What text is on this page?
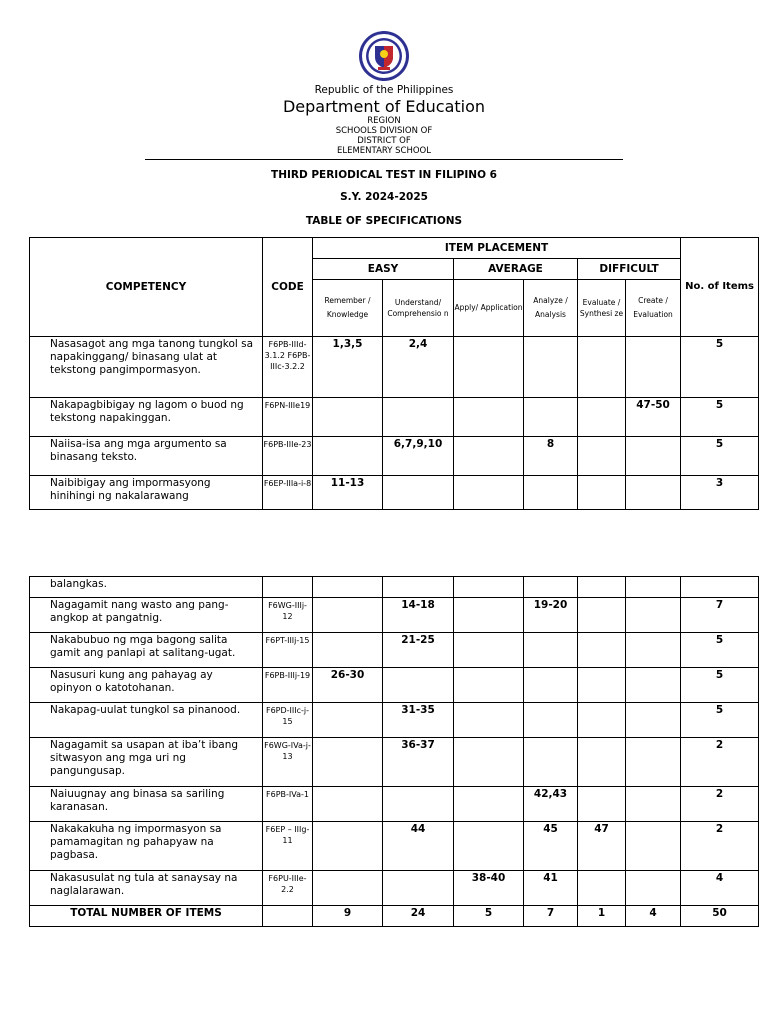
Republic of the Philippines
Department of Education
REGION
SCHOOLS DIVISION OF
DISTRICT OF
ELEMENTARY SCHOOL
THIRD PERIODICAL TEST IN FILIPINO 6
S.Y. 2024-2025
TABLE OF SPECIFICATIONS
COMPETENCY	CODE	ITEM PLACEMENT						No. of Items
		EASY		AVERAGE		DIFFICULT		
		Remember / Knowledge	Understand/ Comprehensio n	Apply/ Application	Analyze / Analysis	Evaluate / Synthesi ze	Create / Evaluation	
Nasasagot ang mga tanong tungkol sa napakinggang/ binasang ulat at tekstong pangimpormasyon.	F6PB-IIId-3.1.2 F6PB-IIIc-3.2.2	1,3,5	2,4					5
Nakapagbibigay ng lagom o buod ng tekstong napakinggan.	F6PN-IIIe19						47-50	5
Naiisa-isa ang mga argumento sa binasang teksto.	F6PB-IIIe-23		6,7,9,10		8			5
Naibibigay ang impormasyong hinihingi ng nakalarawang	F6EP-IIIa-i-8	11-13						3
balangkas.								
Nagagamit nang wasto ang pang-angkop at pangatnig.	F6WG-IIIj-12		14-18		19-20			7
Nakabubuo ng mga bagong salita gamit ang panlapi at salitang-ugat.	F6PT-IIIj-15		21-25					5
Nasusuri kung ang pahayag ay opinyon o katotohanan.	F6PB-IIIj-19	26-30						5
Nakapag-uulat tungkol sa pinanood.	F6PD-IIIc-j-15		31-35					5
Nagagamit sa usapan at iba’t ibang sitwasyon ang mga uri ng pangungusap.	F6WG-IVa-j-13		36-37					2
Naiuugnay ang binasa sa sariling karanasan.	F6PB-IVa-1				42,43			2
Nakakakuha ng impormasyon sa pamamagitan ng pahapyaw na pagbasa.	F6EP – IIIg-11		44		45	47		2
Nakasusulat ng tula at sanaysay na naglalarawan.	F6PU-IIIe-2.2			38-40	41			4
TOTAL NUMBER OF ITEMS		9	24	5	7	1	4	50
